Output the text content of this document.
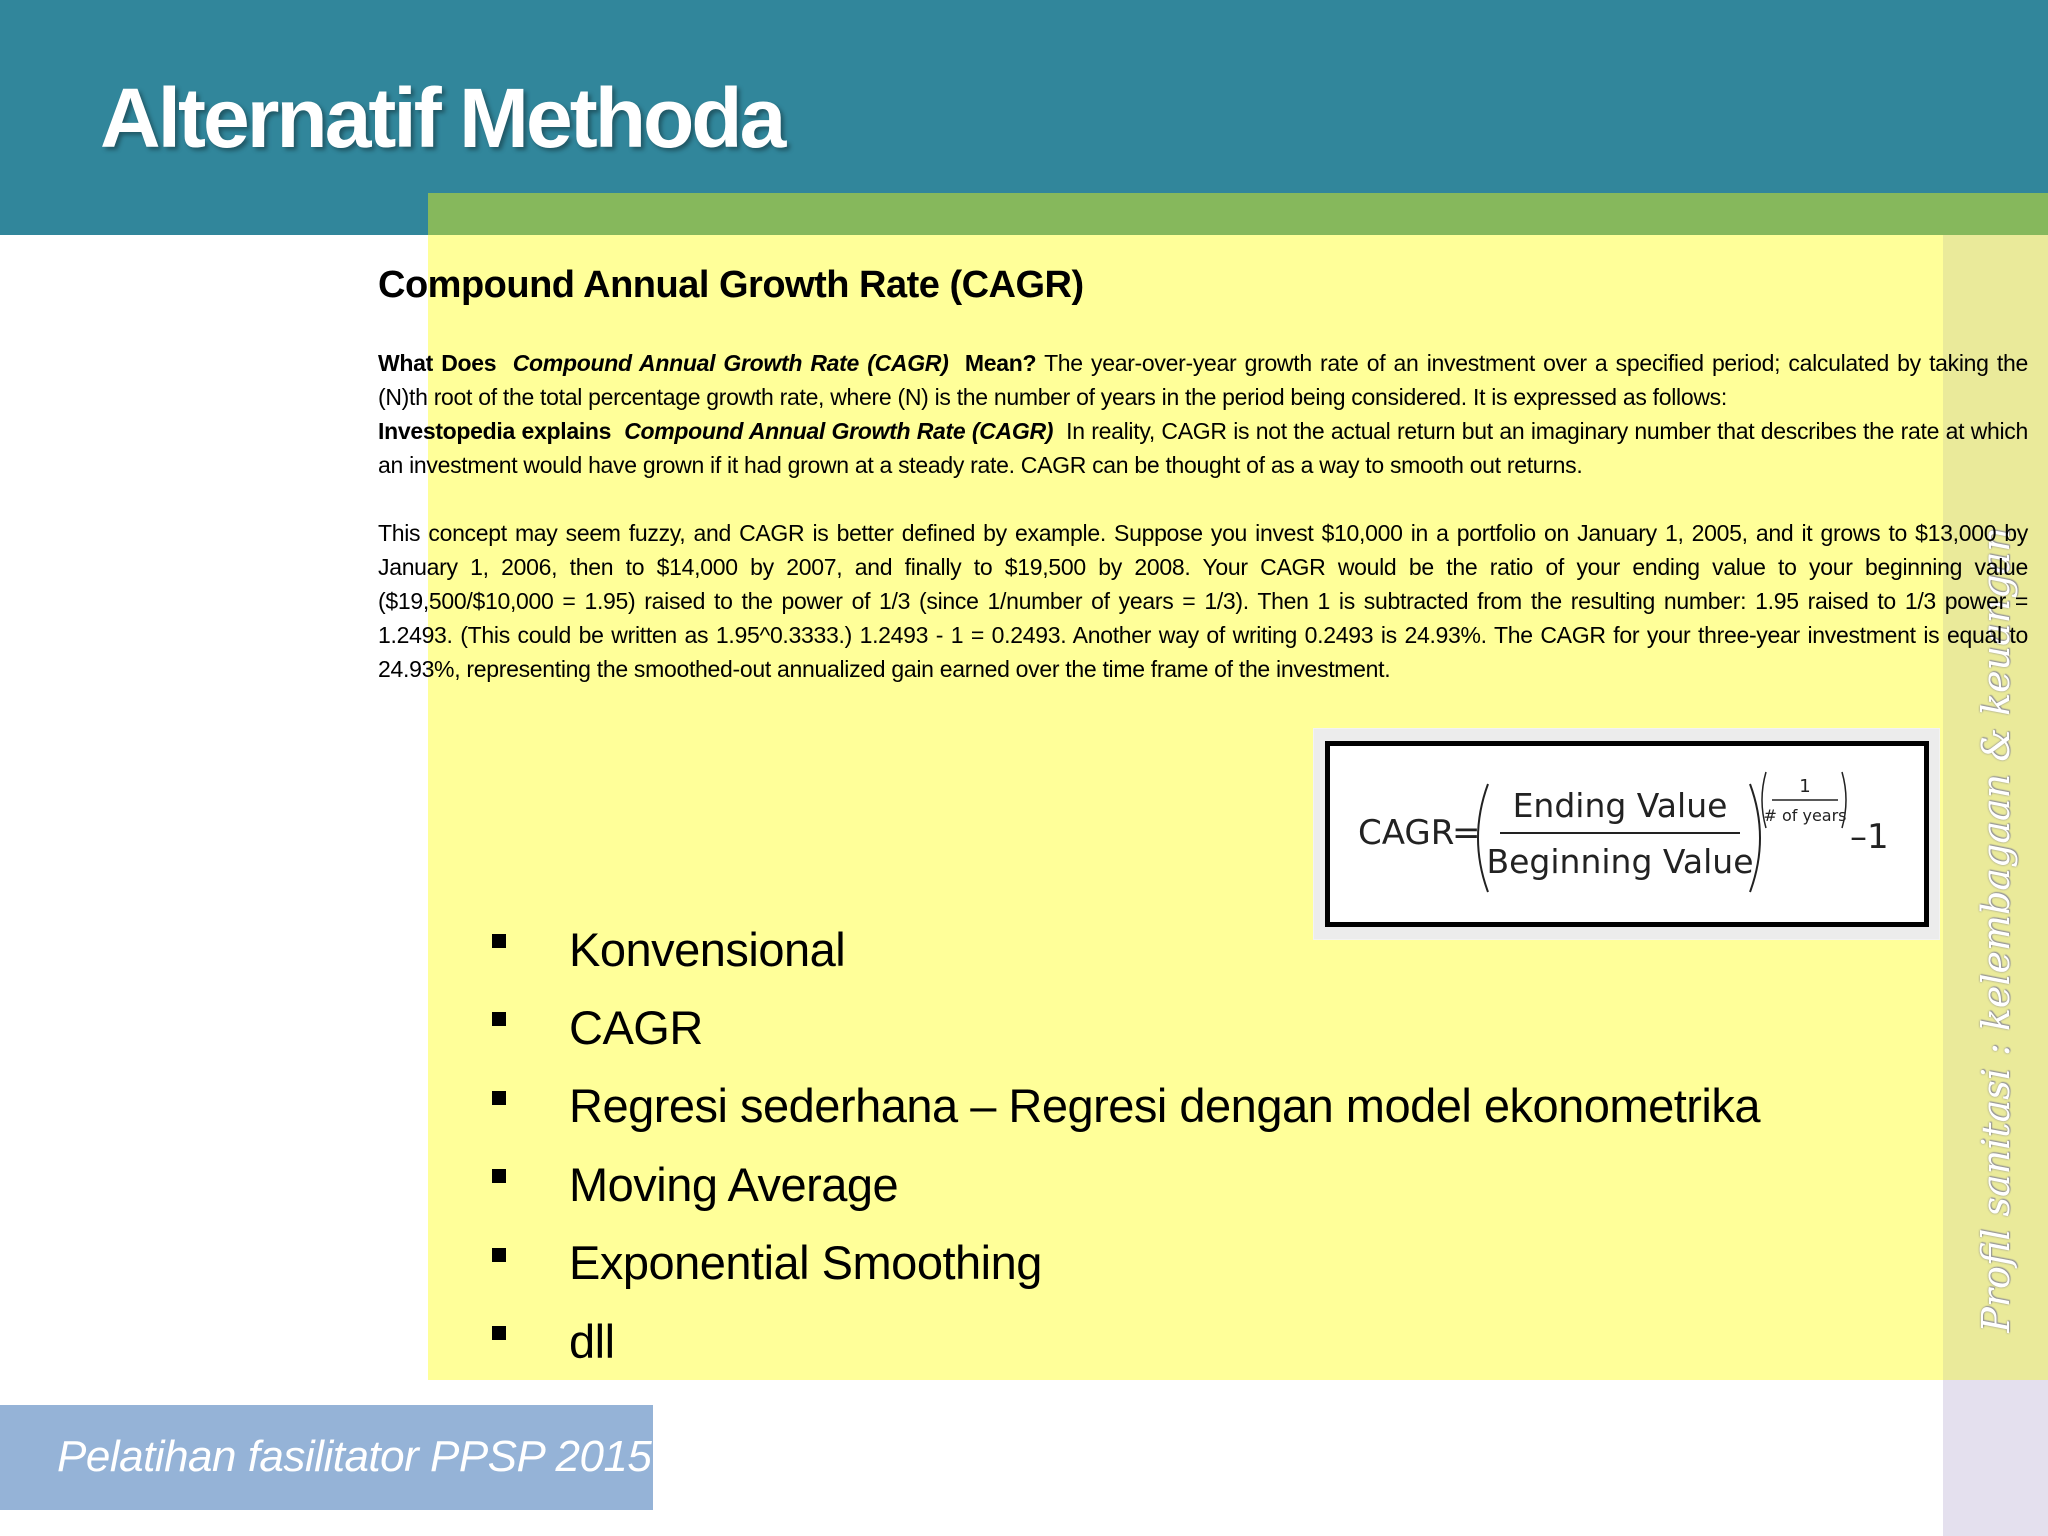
Alternatif Methoda
Profil sanitasi : kelembagaan & keuangan
Compound Annual Growth Rate (CAGR)

What Does Compound Annual Growth Rate (CAGR) Mean? The year-over-year growth rate of an investment over a specified period; calculated by taking the (N)th root of the total percentage growth rate, where (N) is the number of years in the period being considered. It is expressed as follows:
Investopedia explains Compound Annual Growth Rate (CAGR) In reality, CAGR is not the actual return but an imaginary number that describes the rate at which an investment would have grown if it had grown at a steady rate. CAGR can be thought of as a way to smooth out returns.

This concept may seem fuzzy, and CAGR is better defined by example. Suppose you invest $10,000 in a portfolio on January 1, 2005, and it grows to $13,000 by January 1, 2006, then to $14,000 by 2007, and finally to $19,500 by 2008. Your CAGR would be the ratio of your ending value to your beginning value ($19,500/$10,000 = 1.95) raised to the power of 1/3 (since 1/number of years = 1/3). Then 1 is subtracted from the resulting number: 1.95 raised to 1/3 power = 1.2493. (This could be written as 1.95^0.3333.) 1.2493 - 1 = 0.2493. Another way of writing 0.2493 is 24.93%. The CAGR for your three-year investment is equal to 24.93%, representing the smoothed-out annualized gain earned over the time frame of the investment.

CAGR
=
Ending Value
Beginning Value
1
# of years
–1
Konvensional
CAGR
Regresi sederhana – Regresi dengan model ekonometrika
Moving Average
Exponential Smoothing
dll
Pelatihan fasilitator PPSP 2015
